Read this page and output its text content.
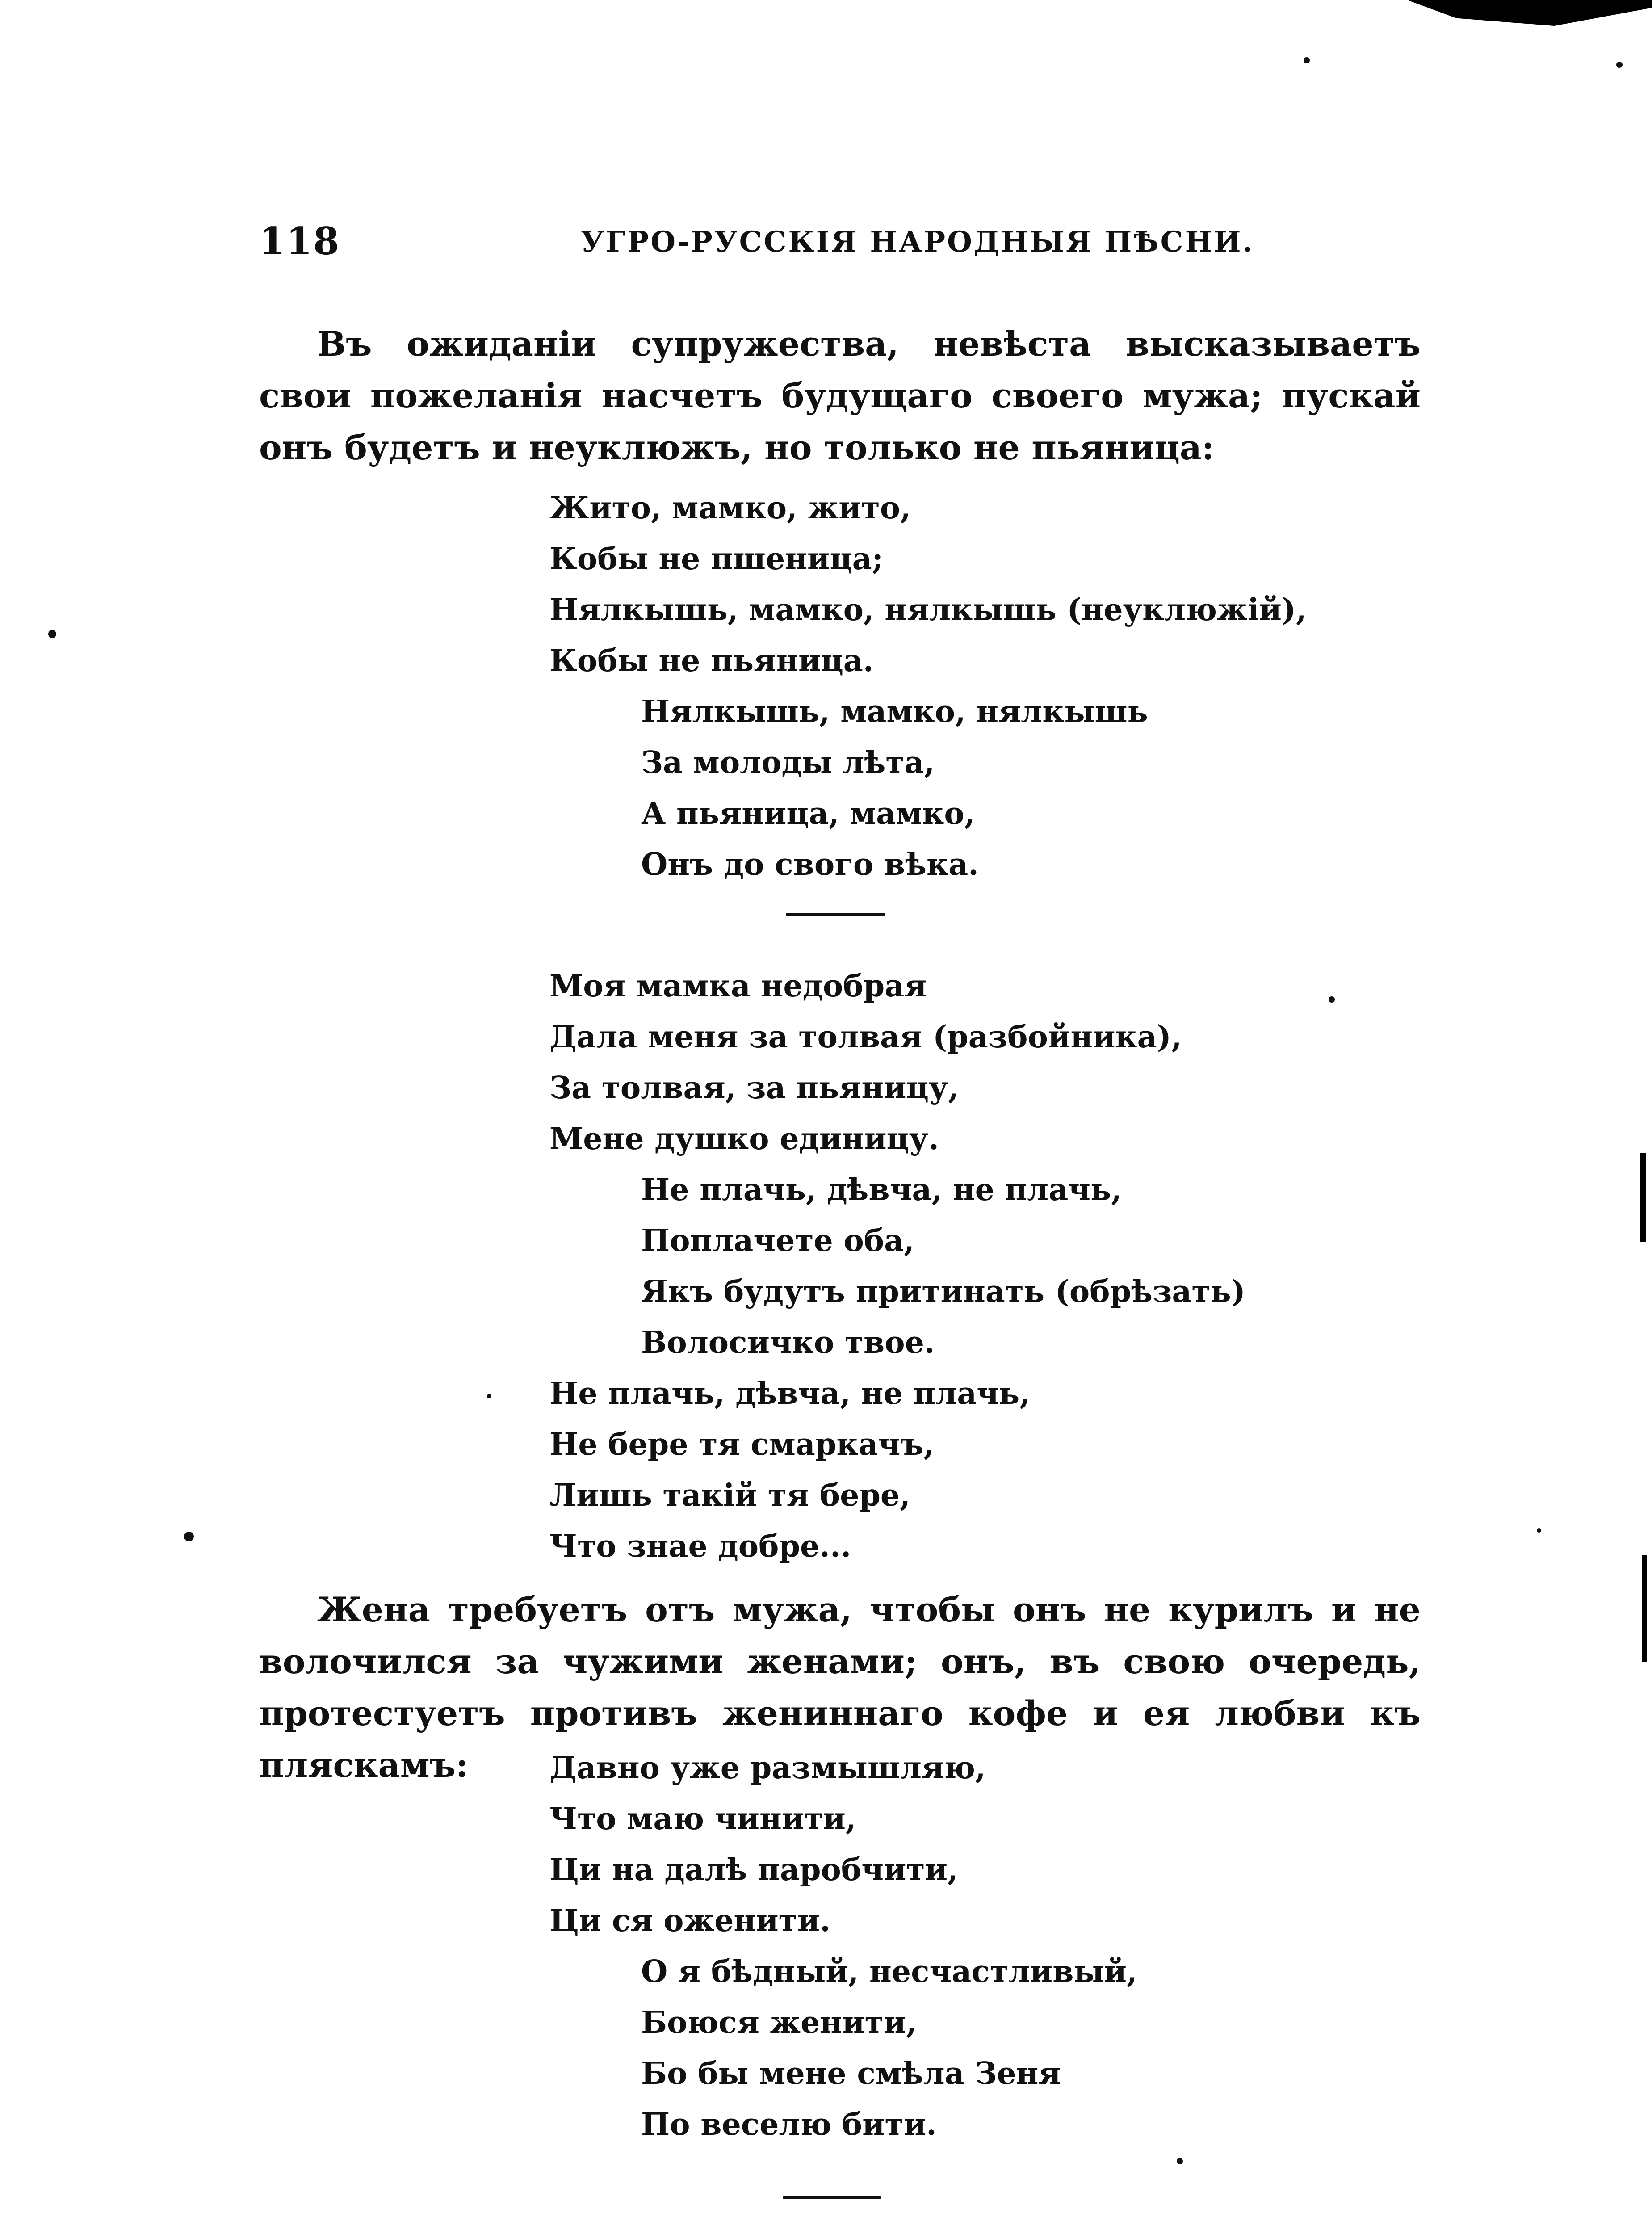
118	УГРО-РУССКІЯ НАРОДНЫЯ ПѢСНИ.

Въ ожиданіи супружества, невѣста высказываетъ свои пожеланія насчетъ будущаго своего мужа; пускай онъ будетъ и неуклюжъ, но только не пьяница:

Жито, мамко, жито,
Кобы не пшеница;
Нялкышь, мамко, нялкышь (неуклюжій),
Кобы не пьяница.
Нялкышь, мамко, нялкышь
За молоды лѣта,
А пьяница, мамко,
Онъ до свого вѣка.
Моя мамка недобрая
Дала меня за толвая (разбойника),
За толвая, за пьяницу,
Мене душко единицу.
Не плачь, дѣвча, не плачь,
Поплачете оба,
Якъ будутъ притинать (обрѣзать)
Волосичко твое.
Не плачь, дѣвча, не плачь,
Не бере тя смаркачъ,
Лишь такій тя бере,
Что знае добре...

Жена требуетъ отъ мужа, чтобы онъ не курилъ и не волочился за чужими женами; онъ, въ свою очередь, протестуетъ противъ жениннаго кофе и ея любви къ пляскамъ:	Давно уже размышляю,
Что маю чинити,
Ци на далѣ паробчити,
Ци ся оженити.
О я бѣдный, несчастливый,
Боюся женити,
Бо бы мене смѣла Зеня
По веселю бити.
